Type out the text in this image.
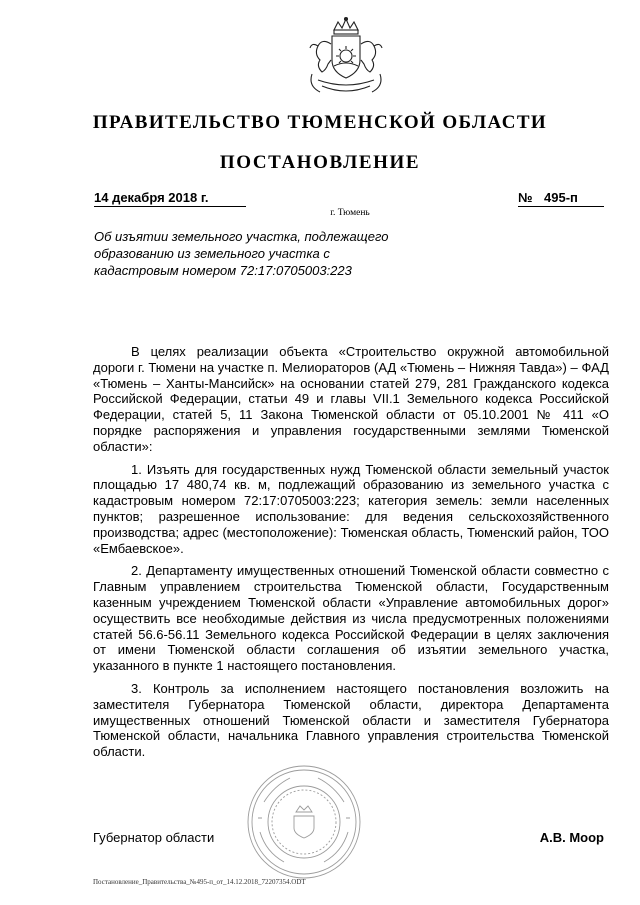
ПРАВИТЕЛЬСТВО ТЮМЕНСКОЙ ОБЛАСТИ
ПОСТАНОВЛЕНИЕ
14 декабря 2018 г.	№ 495-п
г. Тюмень
Об изъятии земельного участка, подлежащего образованию из земельного участка с кадастровым номером 72:17:0705003:223

В целях реализации объекта «Строительство окружной автомобильной дороги г. Тюмени на участке п. Мелиораторов (АД «Тюмень – Нижняя Тавда») – ФАД «Тюмень – Ханты-Мансийск» на основании статей 279, 281 Гражданского кодекса Российской Федерации, статьи 49 и главы VII.1 Земельного кодекса Российской Федерации, статей 5, 11 Закона Тюменской области от 05.10.2001 № 411 «О порядке распоряжения и управления государственными землями Тюменской области»:

1. Изъять для государственных нужд Тюменской области земельный участок площадью 17 480,74 кв. м, подлежащий образованию из земельного участка с кадастровым номером 72:17:0705003:223; категория земель: земли населенных пунктов; разрешенное использование: для ведения сельскохозяйственного производства; адрес (местоположение): Тюменская область, Тюменский район, ТОО «Ембаевское».

2. Департаменту имущественных отношений Тюменской области совместно с Главным управлением строительства Тюменской области, Государственным казенным учреждением Тюменской области «Управление автомобильных дорог» осуществить все необходимые действия из числа предусмотренных положениями статей 56.6-56.11 Земельного кодекса Российской Федерации в целях заключения от имени Тюменской области соглашения об изъятии земельного участка, указанного в пункте 1 настоящего постановления.

3. Контроль за исполнением настоящего постановления возложить на заместителя Губернатора Тюменской области, директора Департамента имущественных отношений Тюменской области и заместителя Губернатора Тюменской области, начальника Главного управления строительства Тюменской области.

Губернатор области	А.В. Моор
Постановление_Правительства_№495-п_от_14.12.2018_72207354.ODT
